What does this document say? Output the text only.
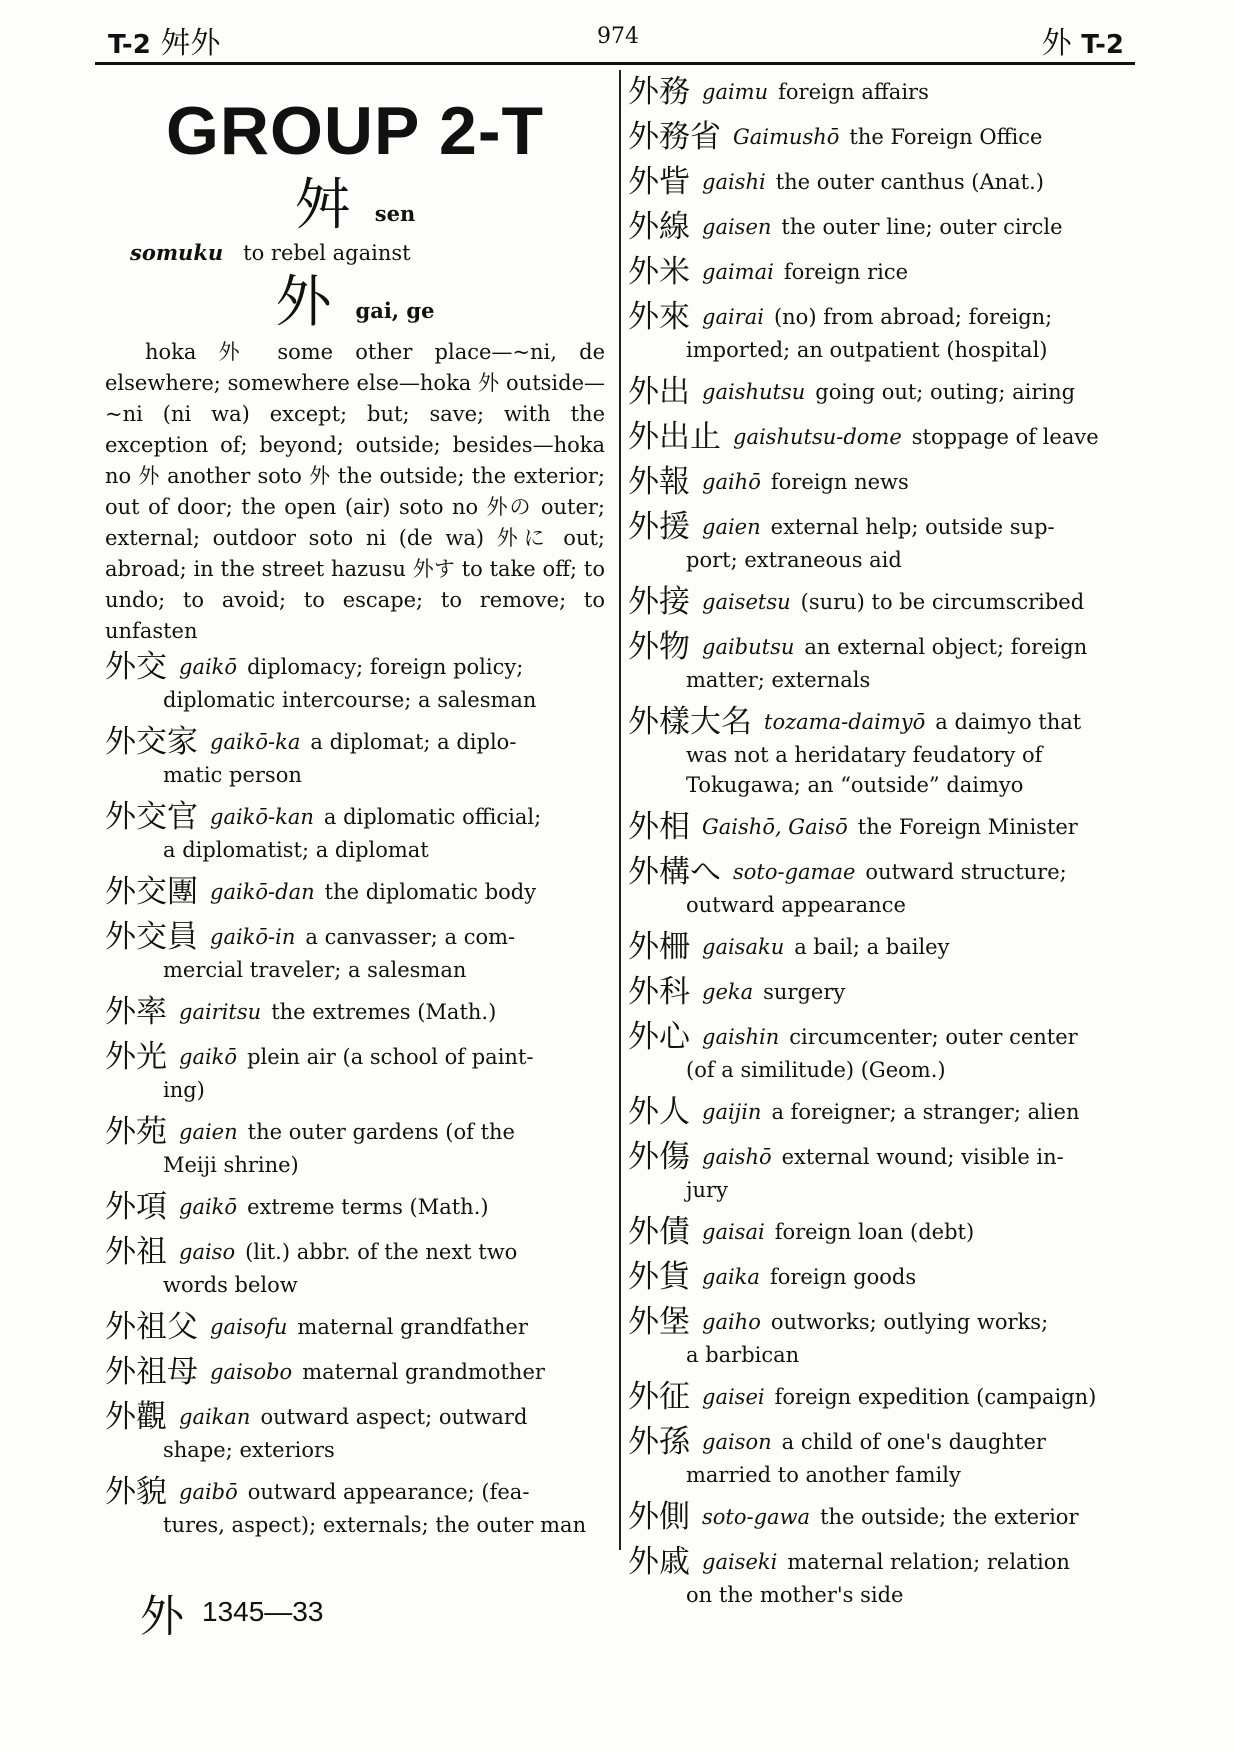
T-2 舛外	974	外 T-2
GROUP 2-T
舛 sen
somuku to rebel against
外 gai, ge

hoka 外 some other place—~ni, de elsewhere; somewhere else—hoka 外 outside—~ni (ni wa) except; but; save; with the exception of; beyond; outside; besides—hoka no 外 another soto 外 the outside; the exterior; out of door; the open (air) soto no 外の outer; external; outdoor soto ni (de wa) 外に out; abroad; in the street hazusu 外す to take off; to undo; to avoid; to escape; to remove; to unfasten

外交 gaikō diplomacy; foreign policy;
diplomatic intercourse; a salesman
外交家 gaikō-ka a diplomat; a diplo-
matic person
外交官 gaikō-kan a diplomatic official;
a diplomatist; a diplomat
外交團 gaikō-dan the diplomatic body
外交員 gaikō-in a canvasser; a com-
mercial traveler; a salesman
外率 gairitsu the extremes (Math.)
外光 gaikō plein air (a school of paint-
ing)
外苑 gaien the outer gardens (of the
Meiji shrine)
外項 gaikō extreme terms (Math.)
外祖 gaiso (lit.) abbr. of the next two
words below
外祖父 gaisofu maternal grandfather
外祖母 gaisobo maternal grandmother
外觀 gaikan outward aspect; outward
shape; exteriors
外貌 gaibō outward appearance; (fea-
tures, aspect); externals; the outer man
外務 gaimu foreign affairs
外務省 Gaimushō the Foreign Office
外眥 gaishi the outer canthus (Anat.)
外線 gaisen the outer line; outer circle
外米 gaimai foreign rice
外來 gairai (no) from abroad; foreign;
imported; an outpatient (hospital)
外出 gaishutsu going out; outing; airing
外出止 gaishutsu-dome stoppage of leave
外報 gaihō foreign news
外援 gaien external help; outside sup-
port; extraneous aid
外接 gaisetsu (suru) to be circumscribed
外物 gaibutsu an external object; foreign
matter; externals
外樣大名 tozama-daimyō a daimyo that
was not a heridatary feudatory of Tokugawa; an “outside” daimyo
外相 Gaishō, Gaisō the Foreign Minister
外構へ soto-gamae outward structure;
outward appearance
外柵 gaisaku a bail; a bailey
外科 geka surgery
外心 gaishin circumcenter; outer center
(of a similitude) (Geom.)
外人 gaijin a foreigner; a stranger; alien
外傷 gaishō external wound; visible in-
jury
外債 gaisai foreign loan (debt)
外貨 gaika foreign goods
外堡 gaiho outworks; outlying works;
a barbican
外征 gaisei foreign expedition (campaign)
外孫 gaison a child of one's daughter
married to another family
外側 soto-gawa the outside; the exterior
外戚 gaiseki maternal relation; relation
on the mother's side
外 1345—33
